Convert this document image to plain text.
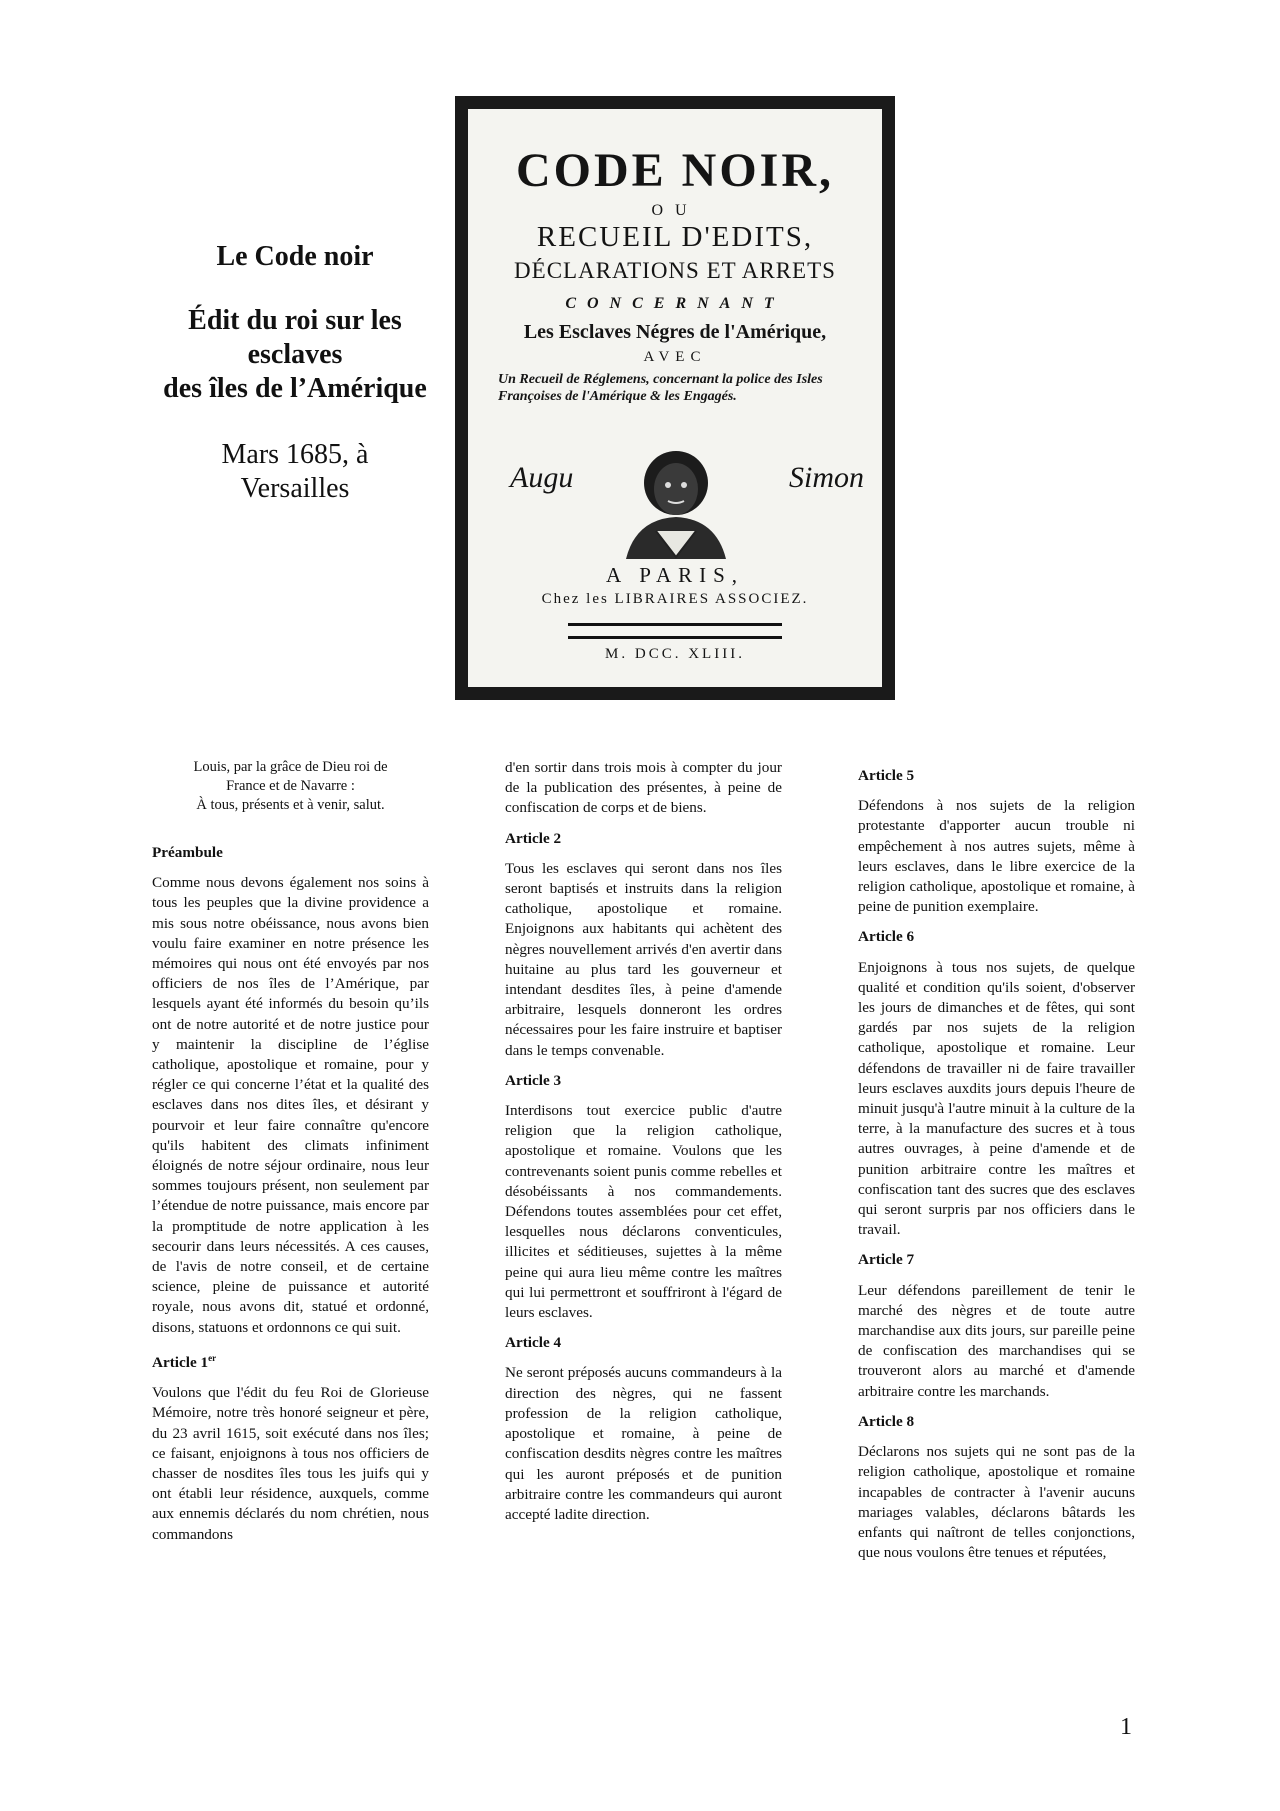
Le Code noir
Édit du roi sur les
esclaves
des îles de l’Amérique
Mars 1685, à
Versailles
CODE NOIR,
OU
RECUEIL D'EDITS,
DÉCLARATIONS ET ARRETS
CONCERNANT
Les Esclaves Négres de l'Amérique,
AVEC
Un Recueil de Réglemens, concernant la police des Isles Françoises de l'Amérique & les Engagés.
Augu	Simon
A PARIS,
Chez les LIBRAIRES ASSOCIEZ.
M. DCC. XLIII.
Louis, par la grâce de Dieu roi de
France et de Navarre :
À tous, présents et à venir, salut.
Préambule

Comme nous devons également nos soins à tous les peuples que la divine providence a mis sous notre obéissance, nous avons bien voulu faire examiner en notre présence les mémoires qui nous ont été envoyés par nos officiers de nos îles de l’Amérique, par lesquels ayant été informés du besoin qu’ils ont de notre autorité et de notre justice pour y maintenir la discipline de l’église catholique, apostolique et romaine, pour y régler ce qui concerne l’état et la qualité des esclaves dans nos dites îles, et désirant y pourvoir et leur faire connaître qu'encore qu'ils habitent des climats infiniment éloignés de notre séjour ordinaire, nous leur sommes toujours présent, non seulement par l’étendue de notre puissance, mais encore par la promptitude de notre application à les secourir dans leurs nécessités. A ces causes, de l'avis de notre conseil, et de certaine science, pleine de puissance et autorité royale, nous avons dit, statué et ordonné, disons, statuons et ordonnons ce qui suit.

Article 1er

Voulons que l'édit du feu Roi de Glorieuse Mémoire, notre très honoré seigneur et père, du 23 avril 1615, soit exécuté dans nos îles; ce faisant, enjoignons à tous nos officiers de chasser de nosdites îles tous les juifs qui y ont établi leur résidence, auxquels, comme aux ennemis déclarés du nom chrétien, nous commandons

d'en sortir dans trois mois à compter du jour de la publication des présentes, à peine de confiscation de corps et de biens.

Article 2

Tous les esclaves qui seront dans nos îles seront baptisés et instruits dans la religion catholique, apostolique et romaine. Enjoignons aux habitants qui achètent des nègres nouvellement arrivés d'en avertir dans huitaine au plus tard les gouverneur et intendant desdites îles, à peine d'amende arbitraire, lesquels donneront les ordres nécessaires pour les faire instruire et baptiser dans le temps convenable.

Article 3

Interdisons tout exercice public d'autre religion que la religion catholique, apostolique et romaine. Voulons que les contrevenants soient punis comme rebelles et désobéissants à nos commandements. Défendons toutes assemblées pour cet effet, lesquelles nous déclarons conventicules, illicites et séditieuses, sujettes à la même peine qui aura lieu même contre les maîtres qui lui permettront et souffriront à l'égard de leurs esclaves.

Article 4

Ne seront préposés aucuns commandeurs à la direction des nègres, qui ne fassent profession de la religion catholique, apostolique et romaine, à peine de confiscation desdits nègres contre les maîtres qui les auront préposés et de punition arbitraire contre les commandeurs qui auront accepté ladite direction.

Article 5

Défendons à nos sujets de la religion protestante d'apporter aucun trouble ni empêchement à nos autres sujets, même à leurs esclaves, dans le libre exercice de la religion catholique, apostolique et romaine, à peine de punition exemplaire.

Article 6

Enjoignons à tous nos sujets, de quelque qualité et condition qu'ils soient, d'observer les jours de dimanches et de fêtes, qui sont gardés par nos sujets de la religion catholique, apostolique et romaine. Leur défendons de travailler ni de faire travailler leurs esclaves auxdits jours depuis l'heure de minuit jusqu'à l'autre minuit à la culture de la terre, à la manufacture des sucres et à tous autres ouvrages, à peine d'amende et de punition arbitraire contre les maîtres et confiscation tant des sucres que des esclaves qui seront surpris par nos officiers dans le travail.

Article 7

Leur défendons pareillement de tenir le marché des nègres et de toute autre marchandise aux dits jours, sur pareille peine de confiscation des marchandises qui se trouveront alors au marché et d'amende arbitraire contre les marchands.

Article 8

Déclarons nos sujets qui ne sont pas de la religion catholique, apostolique et romaine incapables de contracter à l'avenir aucuns mariages valables, déclarons bâtards les enfants qui naîtront de telles conjonctions, que nous voulons être tenues et réputées,

1
